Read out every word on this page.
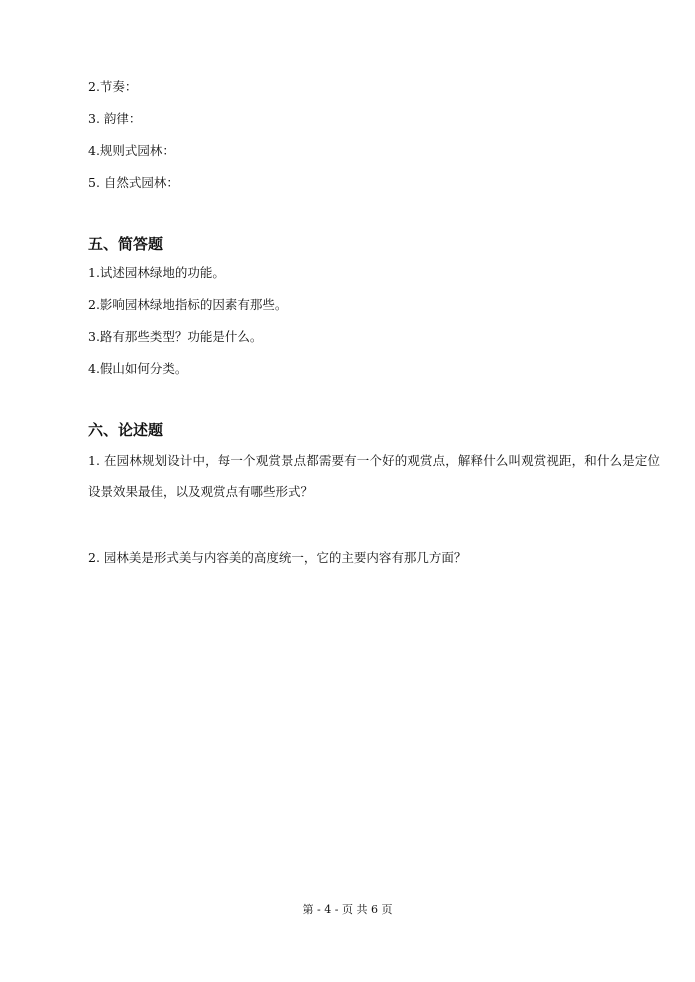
2.节奏：
3. 韵律：
4.规则式园林：
5. 自然式园林：
五、简答题
1.试述园林绿地的功能。
2.影响园林绿地指标的因素有那些。
3.路有那些类型？功能是什么。
4.假山如何分类。
六、论述题
1. 在园林规划设计中，每一个观赏景点都需要有一个好的观赏点，解释什么叫观赏视距，和什么是定位设景效果最佳，以及观赏点有哪些形式？
2. 园林美是形式美与内容美的高度统一，它的主要内容有那几方面？
第 - 4 - 页 共 6 页
